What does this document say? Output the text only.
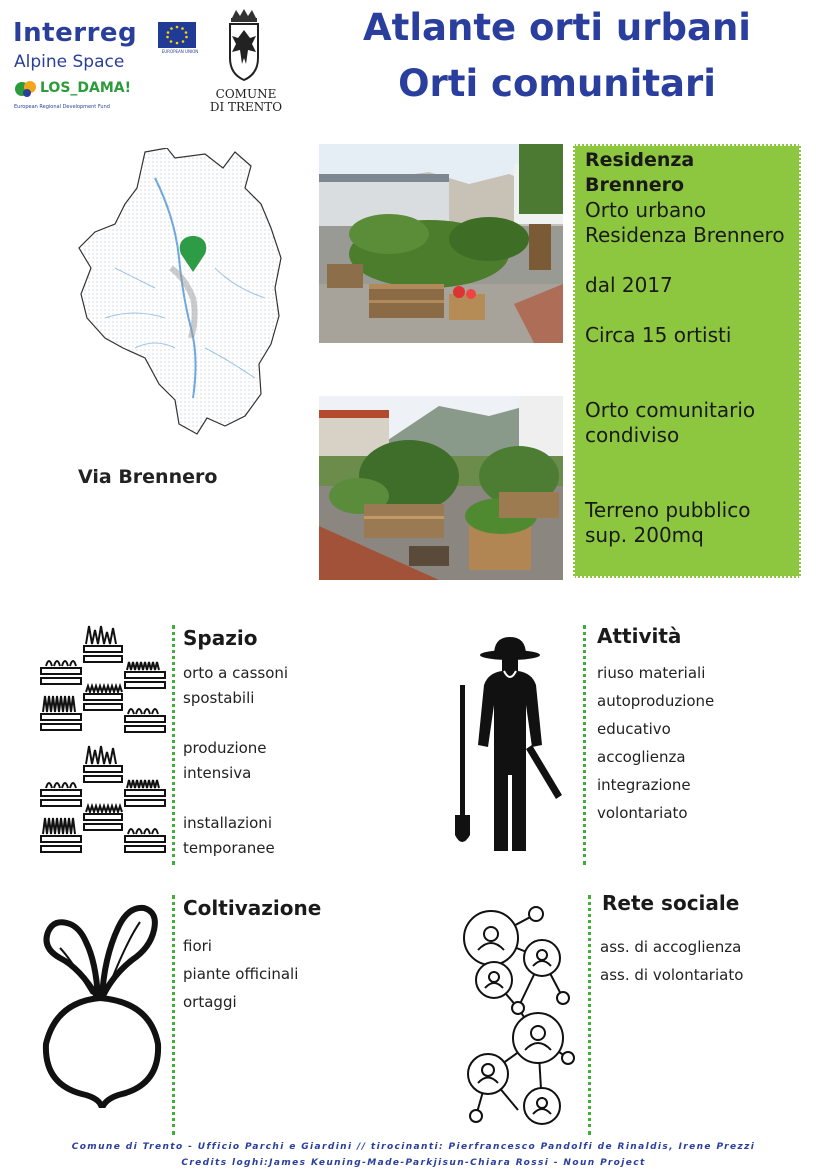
Interreg
Alpine Space
LOS_DAMA!
European Regional Development Fund
EUROPEAN UNION
COMUNE
DI TRENTO
Atlante orti urbani
Orti comunitari
Via Brennero
Residenza Brennero
Orto urbano
Residenza Brennero
dal 2017
Circa 15 ortisti
Orto comunitario
condiviso
Terreno pubblico
sup. 200mq
Spazio
orto a cassoni
spostabili
produzione
intensiva
installazioni
temporanee
Attività
riuso materiali
autoproduzione
educativo
accoglienza
integrazione
volontariato
Coltivazione
fiori
piante officinali
ortaggi
Rete sociale
ass. di accoglienza
ass. di volontariato
Comune di Trento - Ufficio Parchi e Giardini // tirocinanti: Pierfrancesco Pandolfi de Rinaldis, Irene Prezzi
Credits loghi:James Keuning-Made-Parkjisun-Chiara Rossi - Noun Project
